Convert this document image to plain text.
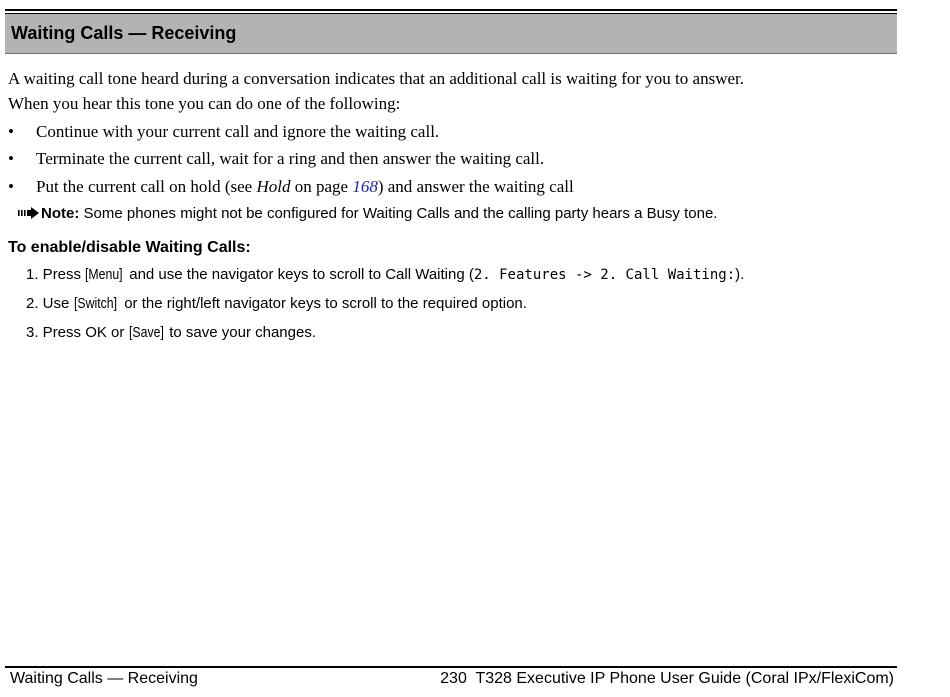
Waiting Calls — Receiving
A waiting call tone heard during a conversation indicates that an additional call is waiting for you to answer.
When you hear this tone you can do one of the following:
• Continue with your current call and ignore the waiting call.
• Terminate the current call, wait for a ring and then answer the waiting call.
• Put the current call on hold (see Hold on page 168) and answer the waiting call
Note: Some phones might not be configured for Waiting Calls and the calling party hears a Busy tone.
To enable/disable Waiting Calls:
1. Press [Menu] and use the navigator keys to scroll to Call Waiting (2. Features -> 2. Call Waiting:).
2. Use [Switch] or the right/left navigator keys to scroll to the required option.
3. Press OK or [Save] to save your changes.
Waiting Calls — Receiving	230 T328 Executive IP Phone User Guide (Coral IPx/FlexiCom)
